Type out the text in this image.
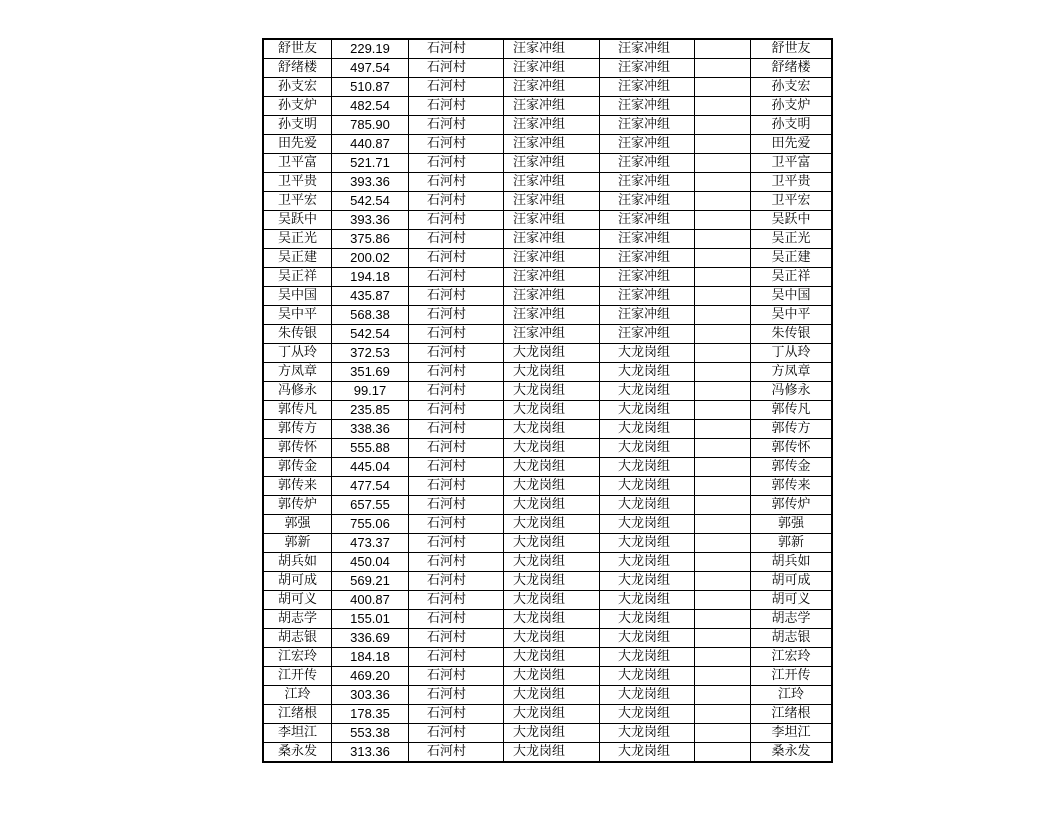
舒世友	229.19	石河村	汪家冲组	汪家冲组		舒世友
舒绪楼	497.54	石河村	汪家冲组	汪家冲组		舒绪楼
孙支宏	510.87	石河村	汪家冲组	汪家冲组		孙支宏
孙支炉	482.54	石河村	汪家冲组	汪家冲组		孙支炉
孙支明	785.90	石河村	汪家冲组	汪家冲组		孙支明
田先爱	440.87	石河村	汪家冲组	汪家冲组		田先爱
卫平富	521.71	石河村	汪家冲组	汪家冲组		卫平富
卫平贵	393.36	石河村	汪家冲组	汪家冲组		卫平贵
卫平宏	542.54	石河村	汪家冲组	汪家冲组		卫平宏
吴跃中	393.36	石河村	汪家冲组	汪家冲组		吴跃中
吴正光	375.86	石河村	汪家冲组	汪家冲组		吴正光
吴正建	200.02	石河村	汪家冲组	汪家冲组		吴正建
吴正祥	194.18	石河村	汪家冲组	汪家冲组		吴正祥
吴中国	435.87	石河村	汪家冲组	汪家冲组		吴中国
吴中平	568.38	石河村	汪家冲组	汪家冲组		吴中平
朱传银	542.54	石河村	汪家冲组	汪家冲组		朱传银
丁从玲	372.53	石河村	大龙岗组	大龙岗组		丁从玲
方凤章	351.69	石河村	大龙岗组	大龙岗组		方凤章
冯修永	99.17	石河村	大龙岗组	大龙岗组		冯修永
郭传凡	235.85	石河村	大龙岗组	大龙岗组		郭传凡
郭传方	338.36	石河村	大龙岗组	大龙岗组		郭传方
郭传怀	555.88	石河村	大龙岗组	大龙岗组		郭传怀
郭传金	445.04	石河村	大龙岗组	大龙岗组		郭传金
郭传来	477.54	石河村	大龙岗组	大龙岗组		郭传来
郭传炉	657.55	石河村	大龙岗组	大龙岗组		郭传炉
郭强	755.06	石河村	大龙岗组	大龙岗组		郭强
郭新	473.37	石河村	大龙岗组	大龙岗组		郭新
胡兵如	450.04	石河村	大龙岗组	大龙岗组		胡兵如
胡可成	569.21	石河村	大龙岗组	大龙岗组		胡可成
胡可义	400.87	石河村	大龙岗组	大龙岗组		胡可义
胡志学	155.01	石河村	大龙岗组	大龙岗组		胡志学
胡志银	336.69	石河村	大龙岗组	大龙岗组		胡志银
江宏玲	184.18	石河村	大龙岗组	大龙岗组		江宏玲
江开传	469.20	石河村	大龙岗组	大龙岗组		江开传
江玲	303.36	石河村	大龙岗组	大龙岗组		江玲
江绪根	178.35	石河村	大龙岗组	大龙岗组		江绪根
李坦江	553.38	石河村	大龙岗组	大龙岗组		李坦江
桑永发	313.36	石河村	大龙岗组	大龙岗组		桑永发
